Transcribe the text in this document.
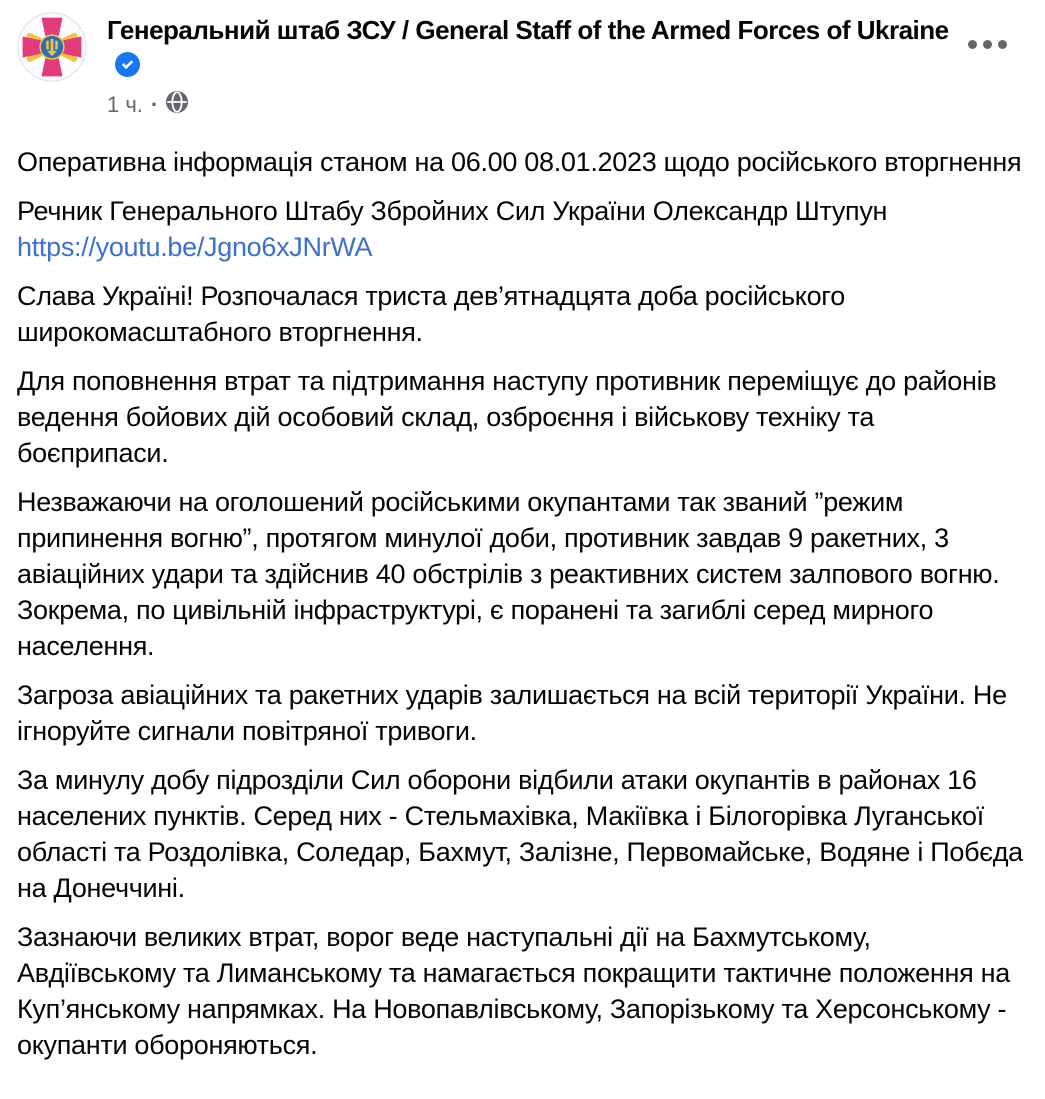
Генеральний штаб ЗСУ / General Staff of the Armed Forces of Ukraine
1 ч. ·

Оперативна інформація станом на 06.00 08.01.2023 щодо російського вторгнення

Речник Генерального Штабу Збройних Сил України Олександр Штупун https://youtu.be/Jgno6xJNrWA

Слава Україні! Розпочалася триста дев’ятнадцята доба російського широкомасштабного вторгнення.

Для поповнення втрат та підтримання наступу противник переміщує до районів ведення бойових дій особовий склад, озброєння і військову техніку та боєприпаси.

Незважаючи на оголошений російськими окупантами так званий ”режим припинення вогню”, протягом минулої доби, противник завдав 9 ракетних, 3 авіаційних удари та здійснив 40 обстрілів з реактивних систем залпового вогню. Зокрема, по цивільній інфраструктурі, є поранені та загиблі серед мирного населення.

Загроза авіаційних та ракетних ударів залишається на всій території України. Не ігноруйте сигнали повітряної тривоги.

За минулу добу підрозділи Сил оборони відбили атаки окупантів в районах 16 населених пунктів. Серед них - Стельмахівка, Макіївка і Білогорівка Луганської області та Роздолівка, Соледар, Бахмут, Залізне, Первомайське, Водяне і Побєда на Донеччині.

Зазнаючи великих втрат, ворог веде наступальні дії на Бахмутському, Авдіївському та Лиманському та намагається покращити тактичне положення на Куп’янському напрямках. На Новопавлівському, Запорізькому та Херсонському - окупанти обороняються.
